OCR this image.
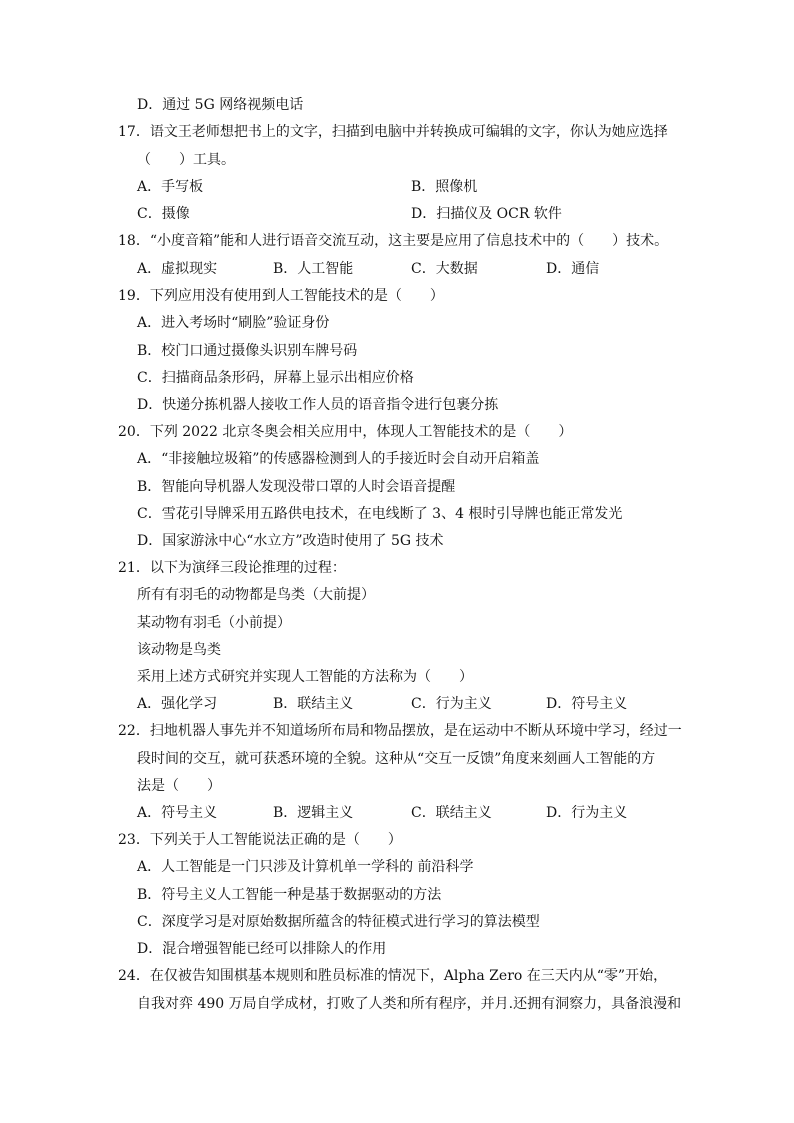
D．通过 5G 网络视频电话
17．语文王老师想把书上的文字，扫描到电脑中并转换成可编辑的文字，你认为她应选择
（　　）工具。
A．手写板	B．照像机
C．摄像	D．扫描仪及 OCR 软件
18．“小度音箱”能和人进行语音交流互动，这主要是应用了信息技术中的（　　）技术。
A．虚拟现实	B．人工智能	C．大数据	D．通信
19．下列应用没有使用到人工智能技术的是（　　）
A．进入考场时“刷脸”验证身份
B．校门口通过摄像头识别车牌号码
C．扫描商品条形码，屏幕上显示出相应价格
D．快递分拣机器人接收工作人员的语音指令进行包裹分拣
20．下列 2022 北京冬奥会相关应用中，体现人工智能技术的是（　　）
A．“非接触垃圾箱”的传感器检测到人的手接近时会自动开启箱盖
B．智能向导机器人发现没带口罩的人时会语音提醒
C．雪花引导牌采用五路供电技术，在电线断了 3、4 根时引导牌也能正常发光
D．国家游泳中心“水立方”改造时使用了 5G 技术
21．以下为演绎三段论推理的过程：
所有有羽毛的动物都是鸟类（大前提）
某动物有羽毛（小前提）
该动物是鸟类
采用上述方式研究并实现人工智能的方法称为（　　）
A．强化学习	B．联结主义	C．行为主义	D．符号主义
22．扫地机器人事先并不知道场所布局和物品摆放，是在运动中不断从环境中学习，经过一
段时间的交互，就可获悉环境的全貌。这种从“交互一反馈”角度来刻画人工智能的方
法是（　　）
A．符号主义	B．逻辑主义	C．联结主义	D．行为主义
23．下列关于人工智能说法正确的是（　　）
A．人工智能是一门只涉及计算机单一学科的 前沿科学
B．符号主义人工智能一种是基于数据驱动的方法
C．深度学习是对原始数据所蕴含的特征模式进行学习的算法模型
D．混合增强智能已经可以排除人的作用
24．在仅被告知围棋基本规则和胜员标准的情况下，Alpha Zero 在三天内从“零”开始，
自我对弈 490 万局自学成材，打败了人类和所有程序，并月.还拥有洞察力，具备浪漫和
